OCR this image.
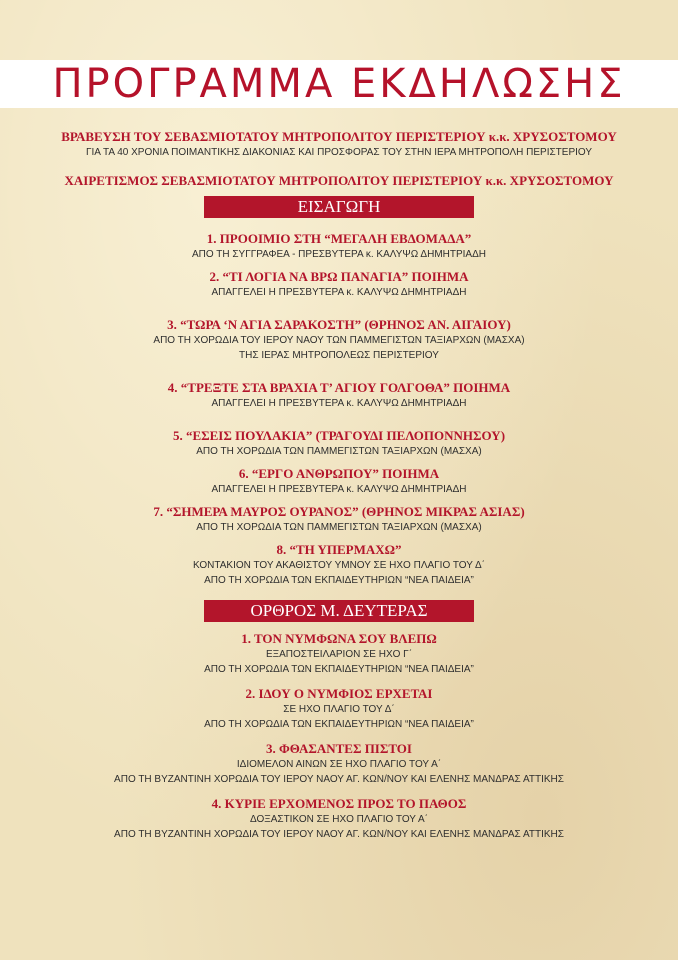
ΠΡΟΓΡΑΜΜΑ ΕΚΔΗΛΩΣΗΣ

ΒΡΑΒΕΥΣΗ ΤΟΥ ΣΕΒΑΣΜΙΟΤΑΤΟΥ ΜΗΤΡΟΠΟΛΙΤΟΥ ΠΕΡΙΣΤΕΡΙΟΥ κ.κ. ΧΡΥΣΟΣΤΟΜΟΥ

ΓΙΑ ΤΑ 40 ΧΡΟΝΙΑ ΠΟΙΜΑΝΤΙΚΗΣ ΔΙΑΚΟΝΙΑΣ ΚΑΙ ΠΡΟΣΦΟΡΑΣ ΤΟΥ ΣΤΗΝ ΙΕΡΑ ΜΗΤΡΟΠΟΛΗ ΠΕΡΙΣΤΕΡΙΟΥ

ΧΑΙΡΕΤΙΣΜΟΣ ΣΕΒΑΣΜΙΟΤΑΤΟΥ ΜΗΤΡΟΠΟΛΙΤΟΥ ΠΕΡΙΣΤΕΡΙΟΥ κ.κ. ΧΡΥΣΟΣΤΟΜΟΥ

ΕΙΣΑΓΩΓΗ

1. ΠΡΟΟΙΜΙΟ ΣΤΗ “ΜΕΓΑΛΗ ΕΒΔΟΜΑΔΑ”

ΑΠΟ ΤΗ ΣΥΓΓΡΑΦΕΑ - ΠΡΕΣΒΥΤΕΡΑ κ. ΚΑΛΥΨΩ ΔΗΜΗΤΡΙΑΔΗ

2. “ΤΙ ΛΟΓΙΑ ΝΑ ΒΡΩ ΠΑΝΑΓΙΑ” ΠΟΙΗΜΑ

ΑΠΑΓΓΕΛΕΙ Η ΠΡΕΣΒΥΤΕΡΑ κ. ΚΑΛΥΨΩ ΔΗΜΗΤΡΙΑΔΗ

3. “ΤΩΡΑ ‘Ν ΑΓΙΑ ΣΑΡΑΚΟΣΤΗ” (ΘΡΗΝΟΣ ΑΝ. ΑΙΓΑΙΟΥ)

ΑΠΟ ΤΗ ΧΟΡΩΔΙΑ ΤΟΥ ΙΕΡΟΥ ΝΑΟΥ ΤΩΝ ΠΑΜΜΕΓΙΣΤΩΝ ΤΑΞΙΑΡΧΩΝ (ΜΑΣΧΑ)

ΤΗΣ ΙΕΡΑΣ ΜΗΤΡΟΠΟΛΕΩΣ ΠΕΡΙΣΤΕΡΙΟΥ

4. “ΤΡΕΞΤΕ ΣΤΑ ΒΡΑΧΙΑ Τ’ ΑΓΙΟΥ ΓΟΛΓΟΘΑ” ΠΟΙΗΜΑ

ΑΠΑΓΓΕΛΕΙ Η ΠΡΕΣΒΥΤΕΡΑ κ. ΚΑΛΥΨΩ ΔΗΜΗΤΡΙΑΔΗ

5. “ΕΣΕΙΣ ΠΟΥΛΑΚΙΑ” (ΤΡΑΓΟΥΔΙ ΠΕΛΟΠΟΝΝΗΣΟΥ)

ΑΠΟ ΤΗ ΧΟΡΩΔΙΑ ΤΩΝ ΠΑΜΜΕΓΙΣΤΩΝ ΤΑΞΙΑΡΧΩΝ (ΜΑΣΧΑ)

6. “ΕΡΓΟ ΑΝΘΡΩΠΟΥ” ΠΟΙΗΜΑ

ΑΠΑΓΓΕΛΕΙ Η ΠΡΕΣΒΥΤΕΡΑ κ. ΚΑΛΥΨΩ ΔΗΜΗΤΡΙΑΔΗ

7. “ΣΗΜΕΡΑ ΜΑΥΡΟΣ ΟΥΡΑΝΟΣ” (ΘΡΗΝΟΣ ΜΙΚΡΑΣ ΑΣΙΑΣ)

ΑΠΟ ΤΗ ΧΟΡΩΔΙΑ ΤΩΝ ΠΑΜΜΕΓΙΣΤΩΝ ΤΑΞΙΑΡΧΩΝ (ΜΑΣΧΑ)

8. “ΤΗ ΥΠΕΡΜΑΧΩ”

ΚΟΝΤΑΚΙΟΝ ΤΟΥ ΑΚΑΘΙΣΤΟΥ ΥΜΝΟΥ ΣΕ ΗΧΟ ΠΛΑΓΙΟ ΤΟΥ Δ΄

ΑΠΟ ΤΗ ΧΟΡΩΔΙΑ ΤΩΝ ΕΚΠΑΙΔΕΥΤΗΡΙΩΝ “ΝΕΑ ΠΑΙΔΕΙΑ”

ΟΡΘΡΟΣ Μ. ΔΕΥΤΕΡΑΣ

1. ΤΟΝ ΝΥΜΦΩΝΑ ΣΟΥ ΒΛΕΠΩ

ΕΞΑΠΟΣΤΕΙΛΑΡΙΟΝ ΣΕ ΗΧΟ Γ΄

ΑΠΟ ΤΗ ΧΟΡΩΔΙΑ ΤΩΝ ΕΚΠΑΙΔΕΥΤΗΡΙΩΝ “ΝΕΑ ΠΑΙΔΕΙΑ”

2. ΙΔΟΥ Ο ΝΥΜΦΙΟΣ ΕΡΧΕΤΑΙ

ΣΕ ΗΧΟ ΠΛΑΓΙΟ ΤΟΥ Δ΄

ΑΠΟ ΤΗ ΧΟΡΩΔΙΑ ΤΩΝ ΕΚΠΑΙΔΕΥΤΗΡΙΩΝ “ΝΕΑ ΠΑΙΔΕΙΑ”

3. ΦΘΑΣΑΝΤΕΣ ΠΙΣΤΟΙ

ΙΔΙΟΜΕΛΟΝ ΑΙΝΩΝ ΣΕ ΗΧΟ ΠΛΑΓΙΟ ΤΟΥ Α΄

ΑΠΟ ΤΗ ΒΥΖΑΝΤΙΝΗ ΧΟΡΩΔΙΑ ΤΟΥ ΙΕΡΟΥ ΝΑΟΥ ΑΓ. ΚΩΝ/ΝΟΥ ΚΑΙ ΕΛΕΝΗΣ ΜΑΝΔΡΑΣ ΑΤΤΙΚΗΣ

4. ΚΥΡΙΕ ΕΡΧΟΜΕΝΟΣ ΠΡΟΣ ΤΟ ΠΑΘΟΣ

ΔΟΞΑΣΤΙΚΟΝ ΣΕ ΗΧΟ ΠΛΑΓΙΟ ΤΟΥ Α΄

ΑΠΟ ΤΗ ΒΥΖΑΝΤΙΝΗ ΧΟΡΩΔΙΑ ΤΟΥ ΙΕΡΟΥ ΝΑΟΥ ΑΓ. ΚΩΝ/ΝΟΥ ΚΑΙ ΕΛΕΝΗΣ ΜΑΝΔΡΑΣ ΑΤΤΙΚΗΣ
